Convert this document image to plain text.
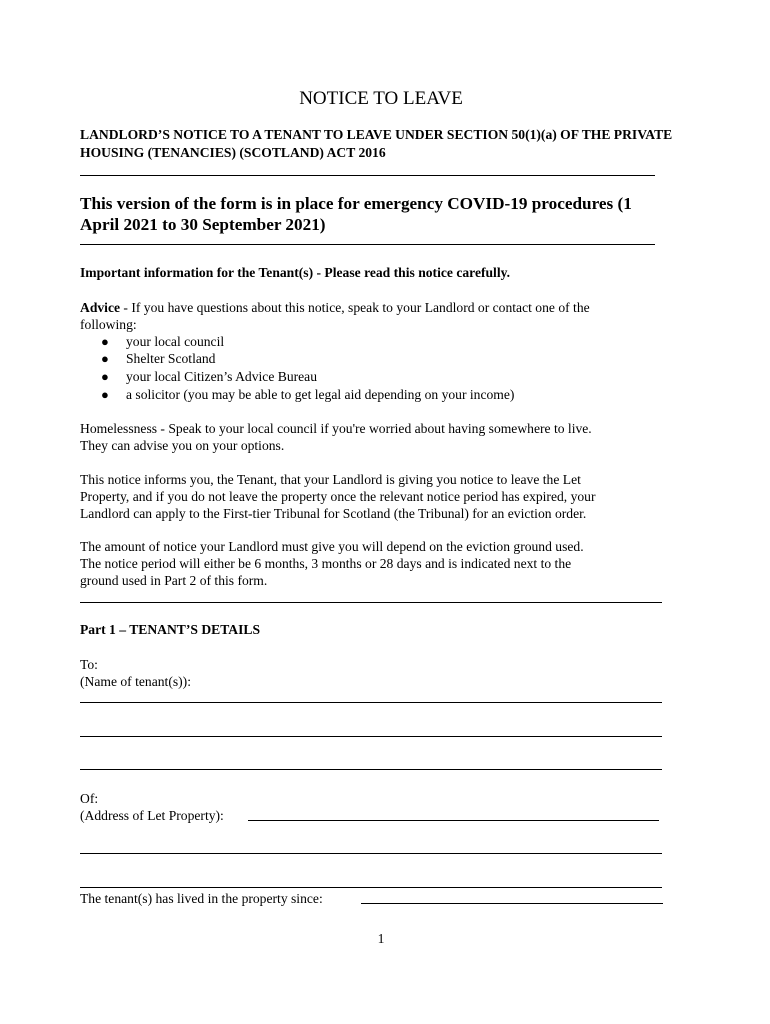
NOTICE TO LEAVE
LANDLORD’S NOTICE TO A TENANT TO LEAVE UNDER SECTION 50(1)(a) OF THE PRIVATE HOUSING (TENANCIES) (SCOTLAND) ACT 2016
This version of the form is in place for emergency COVID-19 procedures (1
April 2021 to 30 September 2021)
Important information for the Tenant(s) - Please read this notice carefully.
Advice - If you have questions about this notice, speak to your Landlord or contact one of the
following:
● your local council
● Shelter Scotland
● your local Citizen’s Advice Bureau
● a solicitor (you may be able to get legal aid depending on your income)
Homelessness - Speak to your local council if you're worried about having somewhere to live.
They can advise you on your options.
This notice informs you, the Tenant, that your Landlord is giving you notice to leave the Let
Property, and if you do not leave the property once the relevant notice period has expired, your
Landlord can apply to the First-tier Tribunal for Scotland (the Tribunal) for an eviction order.
The amount of notice your Landlord must give you will depend on the eviction ground used.
The notice period will either be 6 months, 3 months or 28 days and is indicated next to the
ground used in Part 2 of this form.
Part 1 – TENANT’S DETAILS
To:
(Name of tenant(s)):
Of:
(Address of Let Property):
The tenant(s) has lived in the property since:
1
